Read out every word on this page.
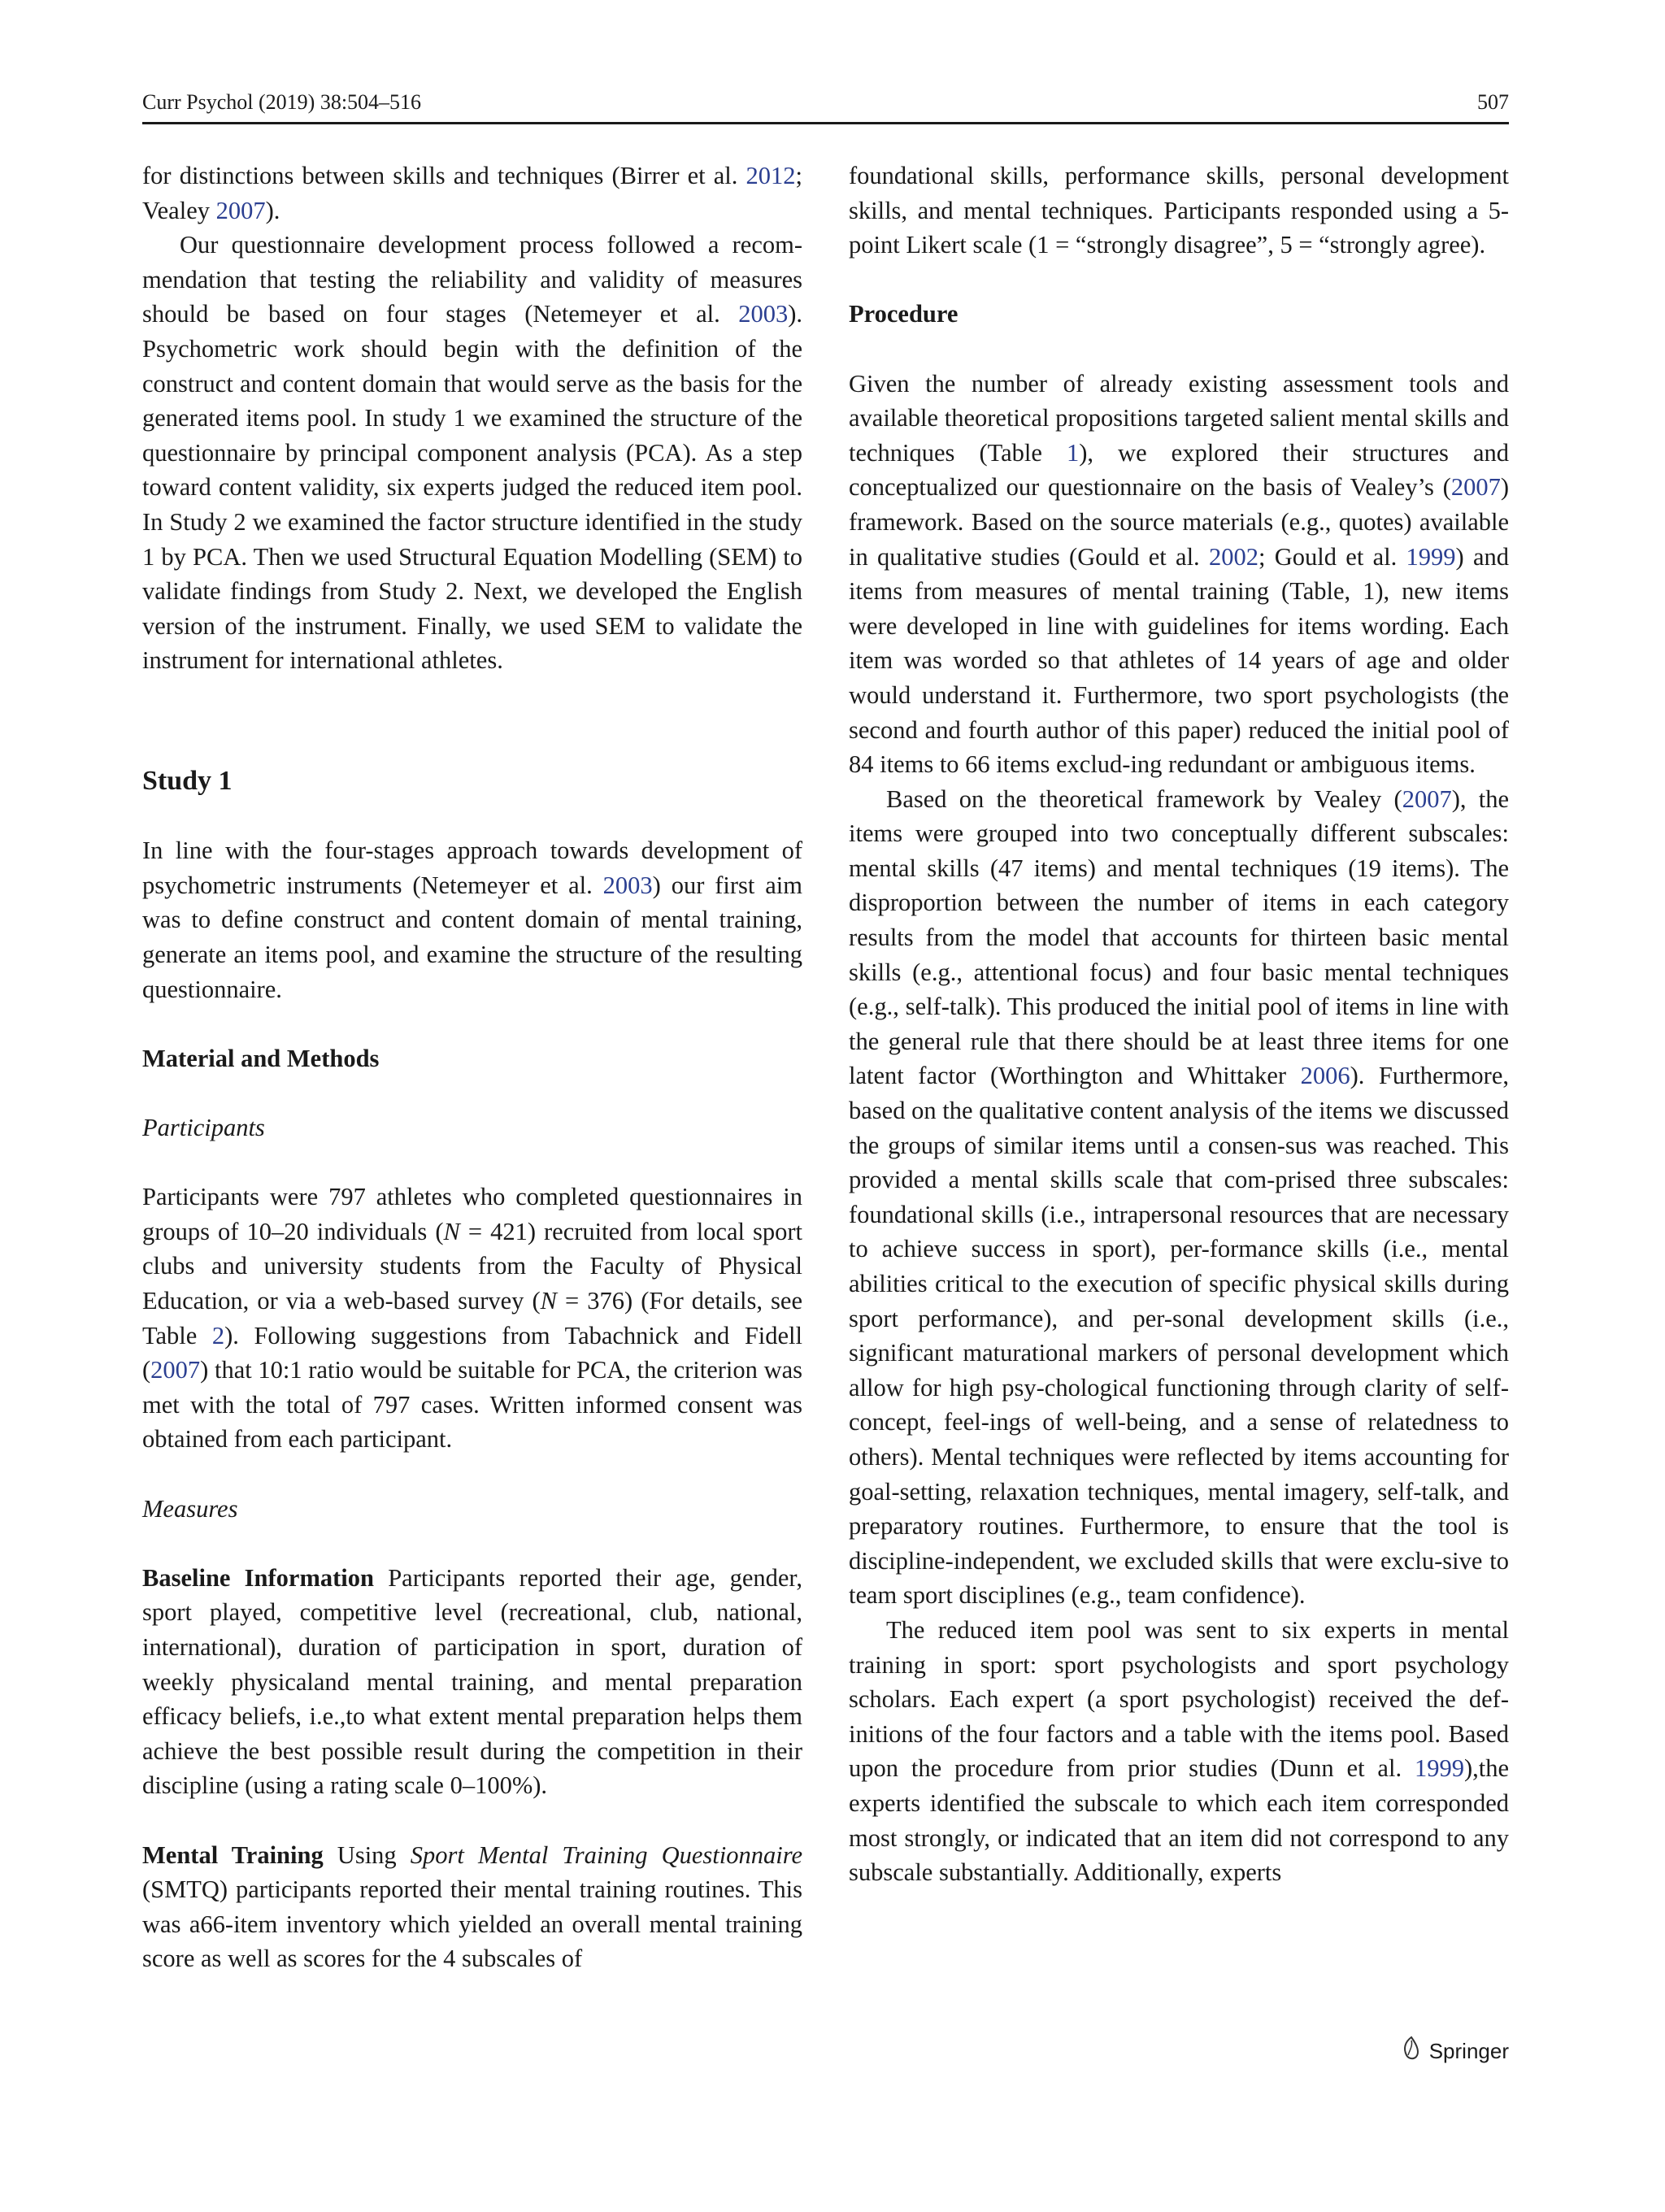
Curr Psychol (2019) 38:504–516	507

for distinctions between skills and techniques (Birrer et al. 2012; Vealey 2007).

Our questionnaire development process followed a recom-mendation that testing the reliability and validity of measures should be based on four stages (Netemeyer et al. 2003). Psychometric work should begin with the definition of the construct and content domain that would serve as the basis for the generated items pool. In study 1 we examined the structure of the questionnaire by principal component analysis (PCA). As a step toward content validity, six experts judged the reduced item pool. In Study 2 we examined the factor structure identified in the study 1 by PCA. Then we used Structural Equation Modelling (SEM) to validate findings from Study 2. Next, we developed the English version of the instrument. Finally, we used SEM to validate the instrument for international athletes.

Study 1

In line with the four-stages approach towards development of psychometric instruments (Netemeyer et al. 2003) our first aim was to define construct and content domain of mental training, generate an items pool, and examine the structure of the resulting questionnaire.

Material and Methods
Participants

Participants were 797 athletes who completed questionnaires in groups of 10–20 individuals (N = 421) recruited from local sport clubs and university students from the Faculty of Physical Education, or via a web-based survey (N = 376) (For details, see Table 2). Following suggestions from Tabachnick and Fidell (2007) that 10:1 ratio would be suitable for PCA, the criterion was met with the total of 797 cases. Written informed consent was obtained from each participant.

Measures

Baseline Information Participants reported their age, gender, sport played, competitive level (recreational, club, national, international), duration of participation in sport, duration of weekly physicaland mental training, and mental preparation efficacy beliefs, i.e.,to what extent mental preparation helps them achieve the best possible result during the competition in their discipline (using a rating scale 0–100%).

Mental Training Using Sport Mental Training Questionnaire (SMTQ) participants reported their mental training routines. This was a66-item inventory which yielded an overall mental training score as well as scores for the 4 subscales of

foundational skills, performance skills, personal development skills, and mental techniques. Participants responded using a 5-point Likert scale (1 = “strongly disagree”, 5 = “strongly agree).

Procedure

Given the number of already existing assessment tools and available theoretical propositions targeted salient mental skills and techniques (Table 1), we explored their structures and conceptualized our questionnaire on the basis of Vealey’s (2007) framework. Based on the source materials (e.g., quotes) available in qualitative studies (Gould et al. 2002; Gould et al. 1999) and items from measures of mental training (Table, 1), new items were developed in line with guidelines for items wording. Each item was worded so that athletes of 14 years of age and older would understand it. Furthermore, two sport psychologists (the second and fourth author of this paper) reduced the initial pool of 84 items to 66 items exclud-ing redundant or ambiguous items.

Based on the theoretical framework by Vealey (2007), the items were grouped into two conceptually different subscales: mental skills (47 items) and mental techniques (19 items). The disproportion between the number of items in each category results from the model that accounts for thirteen basic mental skills (e.g., attentional focus) and four basic mental techniques (e.g., self-talk). This produced the initial pool of items in line with the general rule that there should be at least three items for one latent factor (Worthington and Whittaker 2006). Furthermore, based on the qualitative content analysis of the items we discussed the groups of similar items until a consen-sus was reached. This provided a mental skills scale that com-prised three subscales: foundational skills (i.e., intrapersonal resources that are necessary to achieve success in sport), per-formance skills (i.e., mental abilities critical to the execution of specific physical skills during sport performance), and per-sonal development skills (i.e., significant maturational markers of personal development which allow for high psy-chological functioning through clarity of self-concept, feel-ings of well-being, and a sense of relatedness to others). Mental techniques were reflected by items accounting for goal-setting, relaxation techniques, mental imagery, self-talk, and preparatory routines. Furthermore, to ensure that the tool is discipline-independent, we excluded skills that were exclu-sive to team sport disciplines (e.g., team confidence).

The reduced item pool was sent to six experts in mental training in sport: sport psychologists and sport psychology scholars. Each expert (a sport psychologist) received the def-initions of the four factors and a table with the items pool. Based upon the procedure from prior studies (Dunn et al. 1999),the experts identified the subscale to which each item corresponded most strongly, or indicated that an item did not correspond to any subscale substantially. Additionally, experts

Springer
